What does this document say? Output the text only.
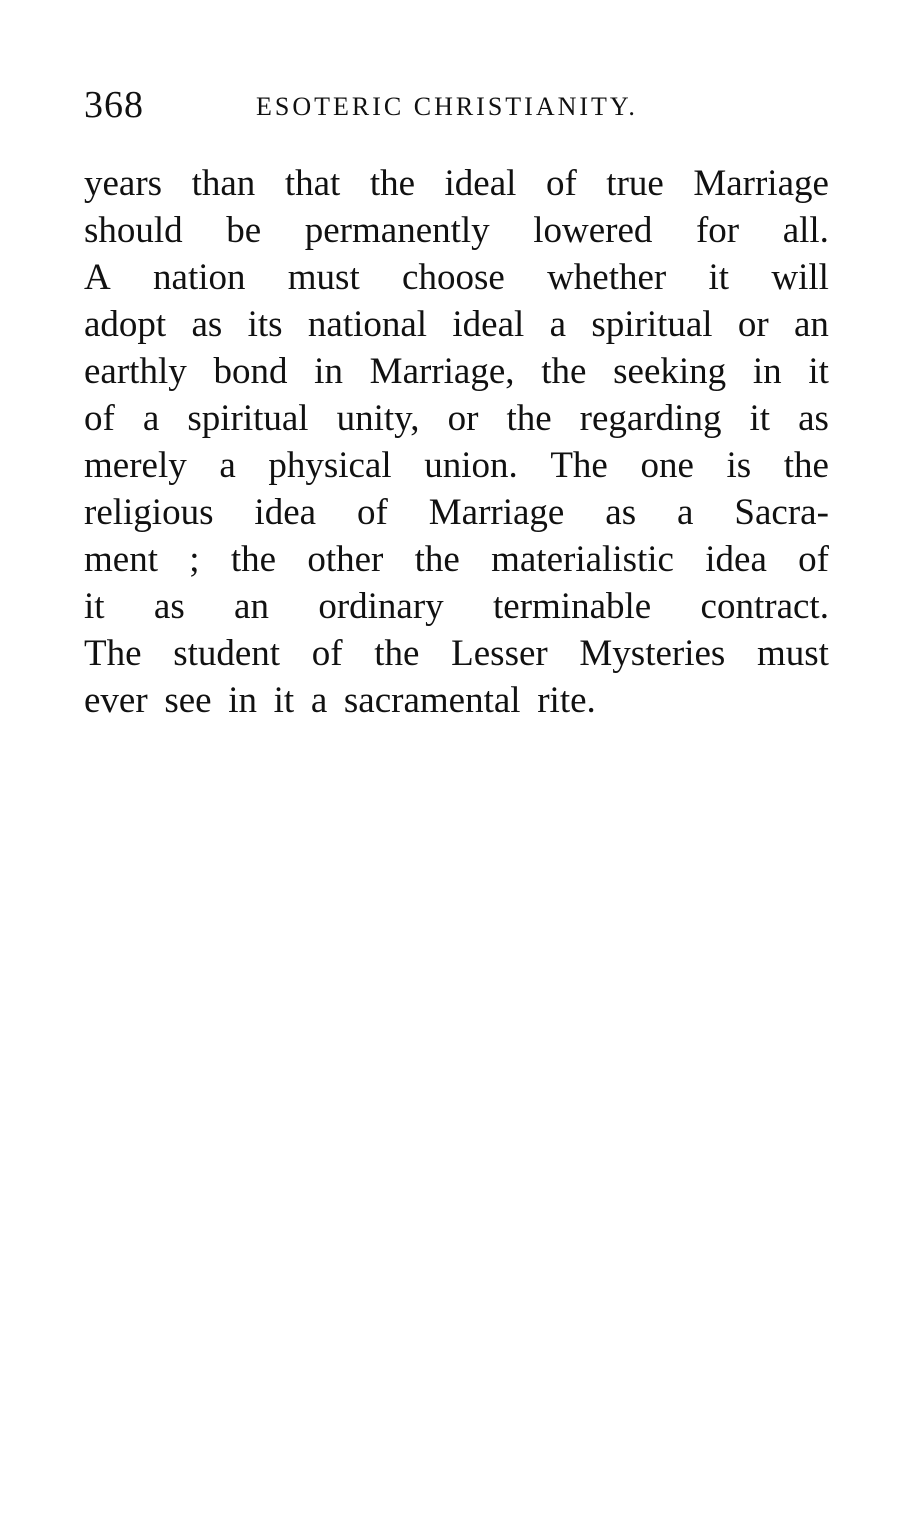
368	ESOTERIC CHRISTIANITY.
years than that the ideal of true Marriage
should be permanently lowered for all.
A nation must choose whether it will
adopt as its national ideal a spiritual or an
earthly bond in Marriage, the seeking in it
of a spiritual unity, or the regarding it as
merely a physical union. The one is the
religious idea of Marriage as a Sacra-
ment ; the other the materialistic idea of
it as an ordinary terminable contract.
The student of the Lesser Mysteries must
ever see in it a sacramental rite.
